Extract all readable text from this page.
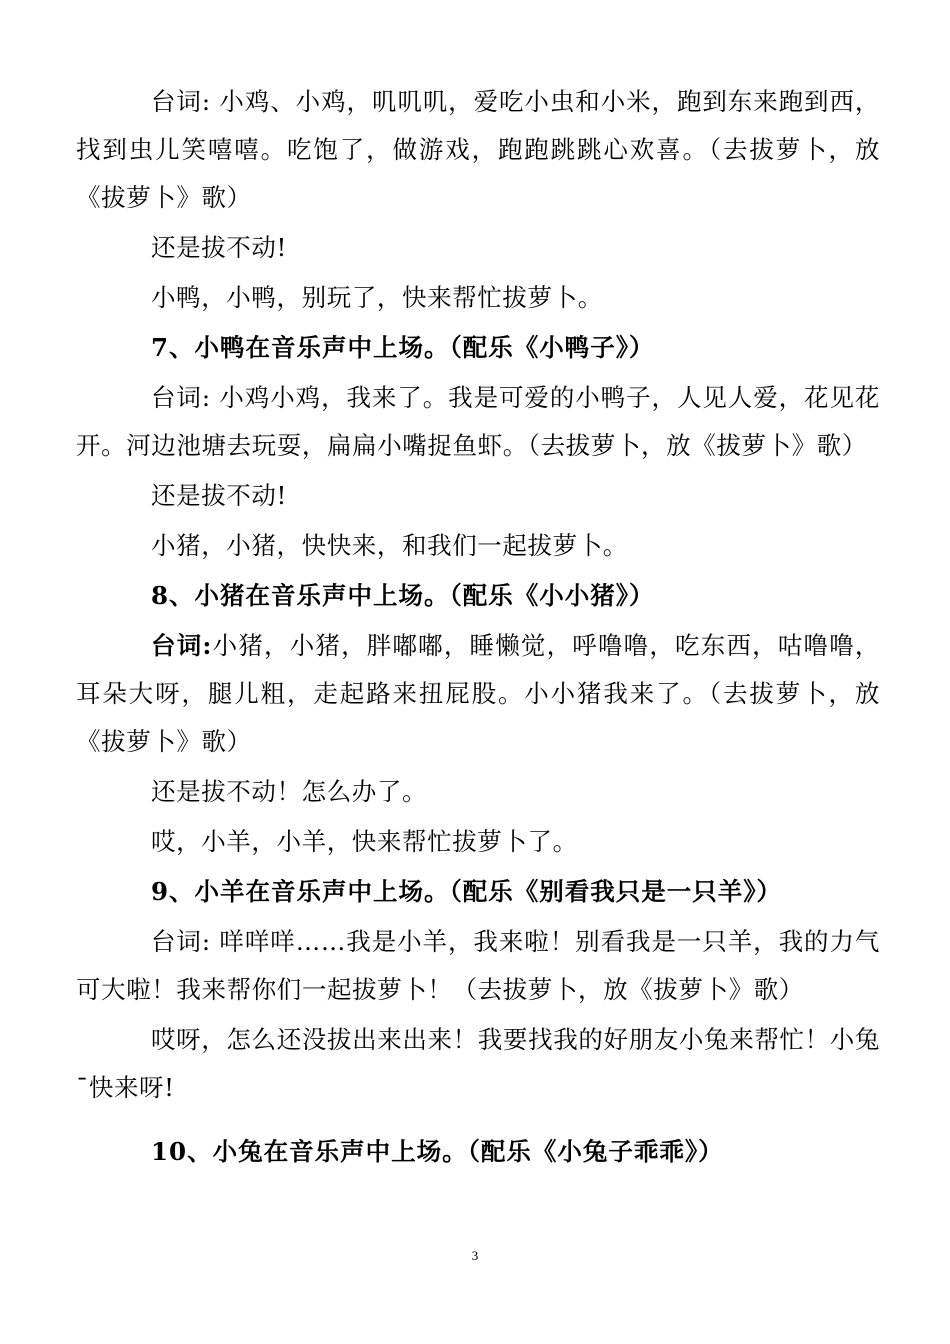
台词: 小鸡、小鸡，叽叽叽，爱吃小虫和小米，跑到东来跑到西，找到虫儿笑嘻嘻。吃饱了，做游戏，跑跑跳跳心欢喜。（去拔萝卜，放《拔萝卜》歌）

还是拔不动!

小鸭，小鸭，别玩了，快来帮忙拔萝卜。

7、小鸭在音乐声中上场。（配乐《小鸭子》）

台词: 小鸡小鸡，我来了。我是可爱的小鸭子，人见人爱，花见花开。河边池塘去玩耍，扁扁小嘴捉鱼虾。（去拔萝卜，放《拔萝卜》歌）

还是拔不动!

小猪，小猪，快快来，和我们一起拔萝卜。

8、小猪在音乐声中上场。（配乐《小小猪》）

台词:小猪，小猪，胖嘟嘟，睡懒觉，呼噜噜，吃东西，咕噜噜，耳朵大呀，腿儿粗，走起路来扭屁股。小小猪我来了。（去拔萝卜，放《拔萝卜》歌）

还是拔不动！怎么办了。

哎，小羊，小羊，快来帮忙拔萝卜了。

9、小羊在音乐声中上场。（配乐《别看我只是一只羊》）

台词: 咩咩咩……我是小羊，我来啦！别看我是一只羊，我的力气可大啦！我来帮你们一起拔萝卜！（去拔萝卜，放《拔萝卜》歌）

哎呀，怎么还没拔出来出来！我要找我的好朋友小兔来帮忙！小兔¯快来呀!

10、小兔在音乐声中上场。（配乐《小兔子乖乖》）

3
